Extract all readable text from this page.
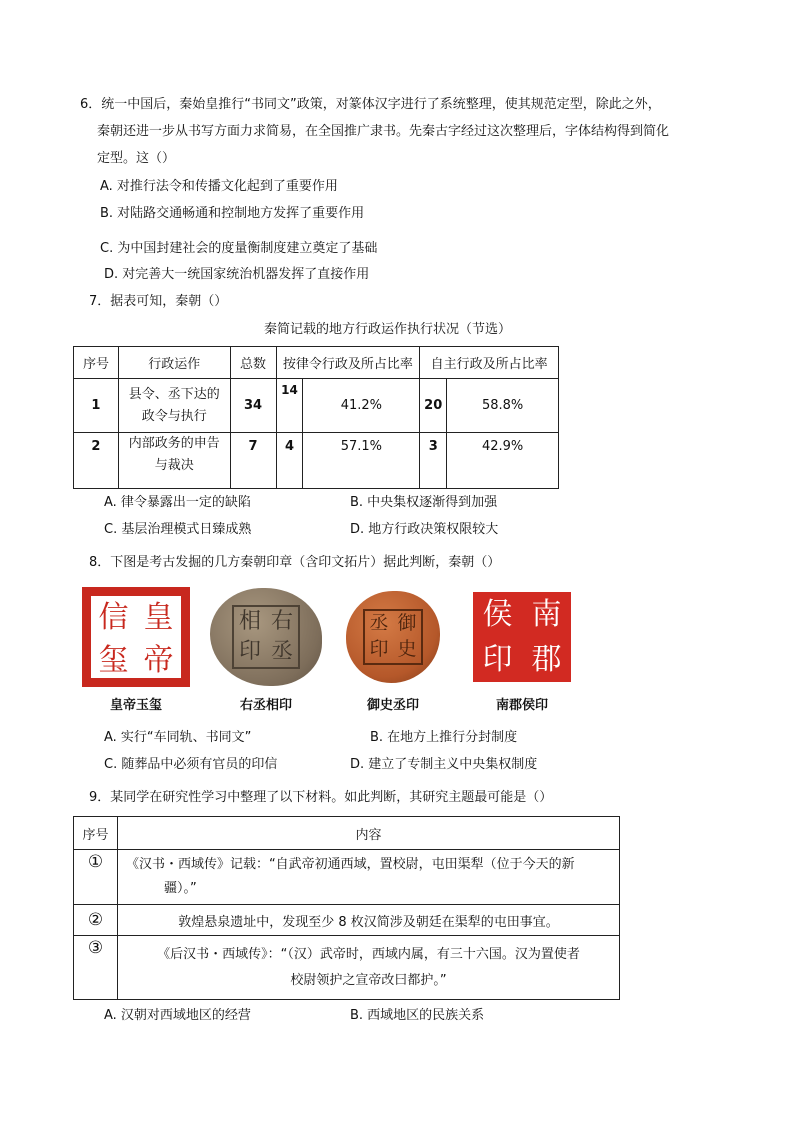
6．统一中国后，秦始皇推行“书同文”政策，对篆体汉字进行了系统整理，使其规范定型，除此之外，
秦朝还进一步从书写方面力求简易，在全国推广隶书。先秦古字经过这次整理后，字体结构得到简化
定型。这（）
A. 对推行法令和传播文化起到了重要作用
B. 对陆路交通畅通和控制地方发挥了重要作用
C. 为中国封建社会的度量衡制度建立奠定了基础
D. 对完善大一统国家统治机器发挥了直接作用
7．据表可知，秦朝（）
秦简记载的地方行政运作执行状况（节选）
序号	行政运作	总数	按律令行政及所占比率		自主行政及所占比率	
1	县令、丞下达的
政令与执行	34	14	41.2%	20	58.8%
2	内部政务的申告
与裁决	7	4	57.1%	3	42.9%
A. 律令暴露出一定的缺陷	B. 中央集权逐渐得到加强
C. 基层治理模式日臻成熟	D. 地方行政决策权限较大
8．下图是考古发掘的几方秦朝印章（含印文拓片）据此判断，秦朝（）
信 皇
玺 帝
皇帝玉玺
相 右
印 丞
右丞相印
丞 御
印 史
御史丞印
侯 南
印 郡
南郡侯印
A. 实行“车同轨、书同文”	B. 在地方上推行分封制度
C. 随葬品中必须有官员的印信	D. 建立了专制主义中央集权制度
9．某同学在研究性学习中整理了以下材料。如此判断，其研究主题最可能是（）
序号	内容
①	《汉书・西域传》记载：“自武帝初通西域，置校尉，屯田渠犁（位于今天的新
疆）。”

②	敦煌悬泉遗址中，发现至少 8 枚汉简涉及朝廷在渠犁的屯田事宜。
③	《后汉书・西域传》：“（汉）武帝时，西域内属，有三十六国。汉为置使者
校尉领护之宣帝改曰都护。”
A. 汉朝对西域地区的经营	B. 西域地区的民族关系
